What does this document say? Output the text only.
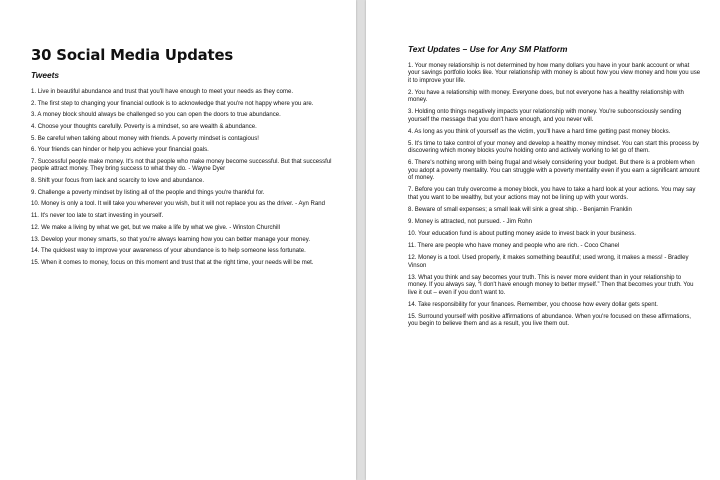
30 Social Media Updates
Tweets

1. Live in beautiful abundance and trust that you'll have enough to meet your needs as they come.

2. The first step to changing your financial outlook is to acknowledge that you're not happy where you are.

3. A money block should always be challenged so you can open the doors to true abundance.

4. Choose your thoughts carefully. Poverty is a mindset, so are wealth & abundance.

5. Be careful when talking about money with friends. A poverty mindset is contagious!

6. Your friends can hinder or help you achieve your financial goals.

7. Successful people make money. It's not that people who make money become successful. But that successful people attract money. They bring success to what they do. - Wayne Dyer

8. Shift your focus from lack and scarcity to love and abundance.

9. Challenge a poverty mindset by listing all of the people and things you're thankful for.

10. Money is only a tool. It will take you wherever you wish, but it will not replace you as the driver. - Ayn Rand

11. It's never too late to start investing in yourself.

12. We make a living by what we get, but we make a life by what we give. - Winston Churchill

13. Develop your money smarts, so that you're always learning how you can better manage your money.

14. The quickest way to improve your awareness of your abundance is to help someone less fortunate.

15. When it comes to money, focus on this moment and trust that at the right time, your needs will be met.

Text Updates – Use for Any SM Platform

1. Your money relationship is not determined by how many dollars you have in your bank account or what your savings portfolio looks like. Your relationship with money is about how you view money and how you use it to improve your life.

2. You have a relationship with money. Everyone does, but not everyone has a healthy relationship with money.

3. Holding onto things negatively impacts your relationship with money. You're subconsciously sending yourself the message that you don't have enough, and you never will.

4. As long as you think of yourself as the victim, you'll have a hard time getting past money blocks.

5. It's time to take control of your money and develop a healthy money mindset. You can start this process by discovering which money blocks you're holding onto and actively working to let go of them.

6. There's nothing wrong with being frugal and wisely considering your budget. But there is a problem when you adopt a poverty mentality. You can struggle with a poverty mentality even if you earn a significant amount of money.

7. Before you can truly overcome a money block, you have to take a hard look at your actions. You may say that you want to be wealthy, but your actions may not be lining up with your words.

8. Beware of small expenses; a small leak will sink a great ship. - Benjamin Franklin

9. Money is attracted, not pursued. - Jim Rohn

10. Your education fund is about putting money aside to invest back in your business.

11. There are people who have money and people who are rich. - Coco Chanel

12. Money is a tool. Used properly, it makes something beautiful; used wrong, it makes a mess! - Bradley Vinson

13. What you think and say becomes your truth. This is never more evident than in your relationship to money. If you always say, “I don't have enough money to better myself.” Then that becomes your truth. You live it out – even if you don't want to.

14. Take responsibility for your finances. Remember, you choose how every dollar gets spent.

15. Surround yourself with positive affirmations of abundance. When you're focused on these affirmations, you begin to believe them and as a result, you live them out.
